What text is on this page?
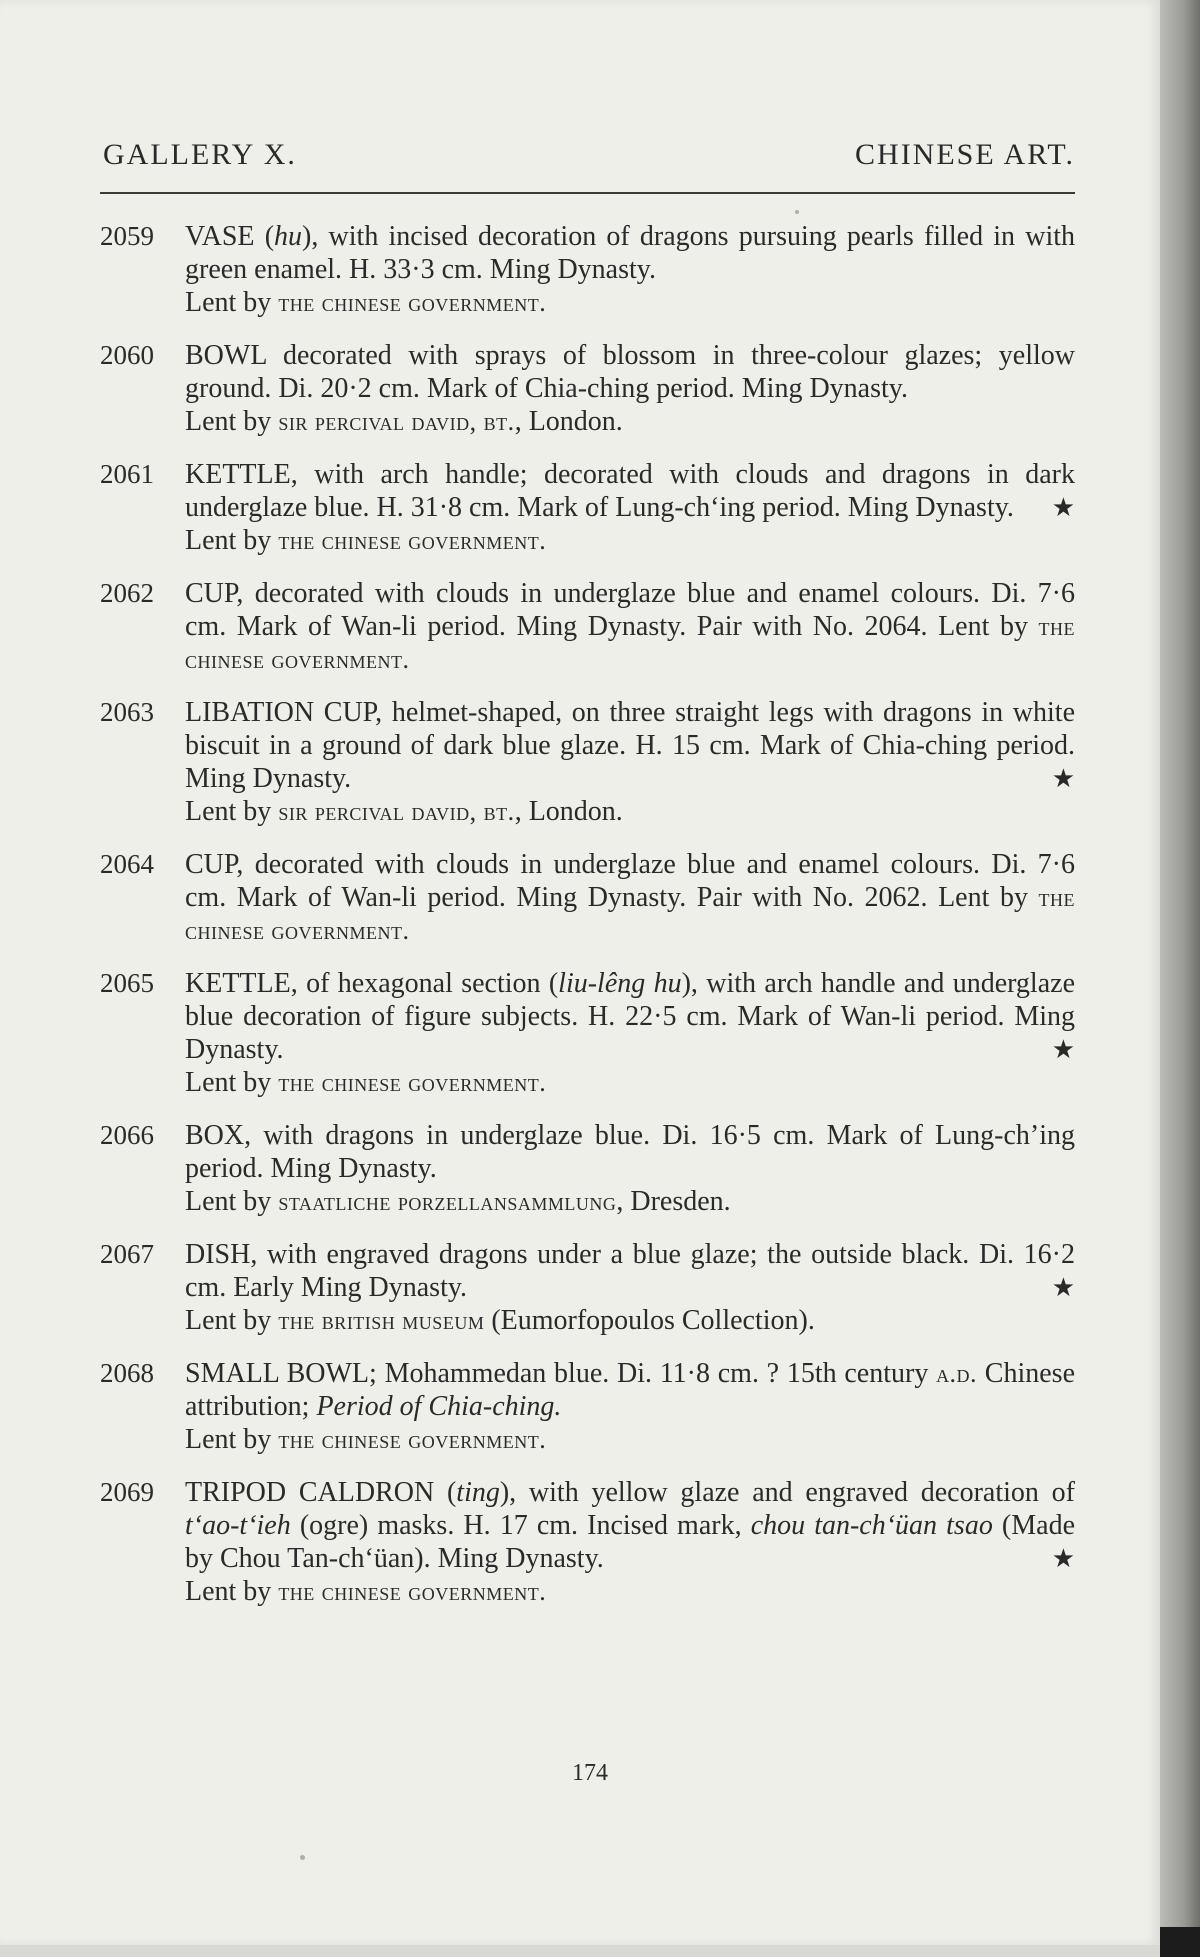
GALLERY X.	CHINESE ART.
2059	VASE (hu), with incised decoration of dragons pursuing pearls filled in with green enamel. H. 33·3 cm. Ming Dynasty.
Lent by the chinese government.
2060	BOWL decorated with sprays of blossom in three-colour glazes; yellow ground. Di. 20·2 cm. Mark of Chia-ching period. Ming Dynasty.
Lent by sir percival david, bt., London.
2061	KETTLE, with arch handle; decorated with clouds and dragons in dark underglaze blue. H. 31·8 cm. Mark of Lung-ch‘ing period. Ming Dynasty. ★
Lent by the chinese government.
2062	CUP, decorated with clouds in underglaze blue and enamel colours. Di. 7·6 cm. Mark of Wan-li period. Ming Dynasty. Pair with No. 2064. Lent by the chinese government.
2063	LIBATION CUP, helmet-shaped, on three straight legs with dragons in white biscuit in a ground of dark blue glaze. H. 15 cm. Mark of Chia-ching period. Ming Dynasty.	★
Lent by sir percival david, bt., London.
2064	CUP, decorated with clouds in underglaze blue and enamel colours. Di. 7·6 cm. Mark of Wan-li period. Ming Dynasty. Pair with No. 2062. Lent by the chinese government.
2065	KETTLE, of hexagonal section (liu-lêng hu), with arch handle and underglaze blue decoration of figure subjects. H. 22·5 cm. Mark of Wan-li period. Ming Dynasty.	★
Lent by the chinese government.
2066	BOX, with dragons in underglaze blue. Di. 16·5 cm. Mark of Lung-ch’ing period. Ming Dynasty.
Lent by staatliche porzellansammlung, Dresden.
2067	DISH, with engraved dragons under a blue glaze; the outside black. Di. 16·2 cm. Early Ming Dynasty.	★
Lent by the british museum (Eumorfopoulos Collection).
2068	SMALL BOWL; Mohammedan blue. Di. 11·8 cm. ? 15th century a.d. Chinese attribution; Period of Chia-ching.
Lent by the chinese government.
2069	TRIPOD CALDRON (ting), with yellow glaze and engraved decoration of t‘ao-t‘ieh (ogre) masks. H. 17 cm. Incised mark, chou tan-ch‘üan tsao (Made by Chou Tan-ch‘üan). Ming Dynasty.	★
Lent by the chinese government.
174
